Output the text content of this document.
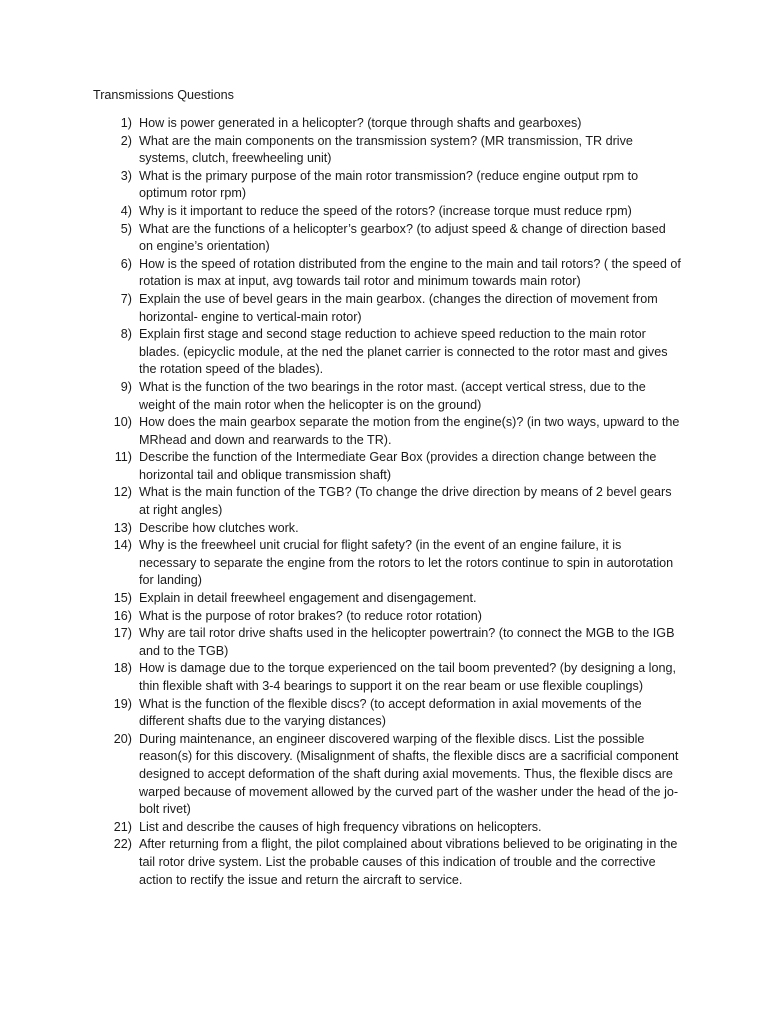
Transmissions Questions
1) How is power generated in a helicopter? (torque through shafts and gearboxes)
2) What are the main components on the transmission system? (MR transmission, TR drive systems, clutch, freewheeling unit)
3) What is the primary purpose of the main rotor transmission? (reduce engine output rpm to optimum rotor rpm)
4) Why is it important to reduce the speed of the rotors? (increase torque must reduce rpm)
5) What are the functions of a helicopter’s gearbox? (to adjust speed & change of direction based on engine’s orientation)
6) How is the speed of rotation distributed from the engine to the main and tail rotors? ( the speed of rotation is max at input, avg towards tail rotor and minimum towards main rotor)
7) Explain the use of bevel gears in the main gearbox. (changes the direction of movement from horizontal- engine to vertical-main rotor)
8) Explain first stage and second stage reduction to achieve speed reduction to the main rotor blades. (epicyclic module, at the ned the planet carrier is connected to the rotor mast and gives the rotation speed of the blades).
9) What is the function of the two bearings in the rotor mast. (accept vertical stress, due to the weight of the main rotor when the helicopter is on the ground)
10) How does the main gearbox separate the motion from the engine(s)? (in two ways, upward to the MRhead and down and rearwards to the TR).
11) Describe the function of the Intermediate Gear Box (provides a direction change between the horizontal tail and oblique transmission shaft)
12) What is the main function of the TGB? (To change the drive direction by means of 2 bevel gears at right angles)
13) Describe how clutches work.
14) Why is the freewheel unit crucial for flight safety? (in the event of an engine failure, it is necessary to separate the engine from the rotors to let the rotors continue to spin in autorotation for landing)
15) Explain in detail freewheel engagement and disengagement.
16) What is the purpose of rotor brakes? (to reduce rotor rotation)
17) Why are tail rotor drive shafts used in the helicopter powertrain? (to connect the MGB to the IGB and to the TGB)
18) How is damage due to the torque experienced on the tail boom prevented? (by designing a long, thin flexible shaft with 3-4 bearings to support it on the rear beam or use flexible couplings)
19) What is the function of the flexible discs? (to accept deformation in axial movements of the different shafts due to the varying distances)
20) During maintenance, an engineer discovered warping of the flexible discs. List the possible reason(s) for this discovery. (Misalignment of shafts, the flexible discs are a sacrificial component designed to accept deformation of the shaft during axial movements. Thus, the flexible discs are warped because of movement allowed by the curved part of the washer under the head of the jo-bolt rivet)
21) List and describe the causes of high frequency vibrations on helicopters.
22) After returning from a flight, the pilot complained about vibrations believed to be originating in the tail rotor drive system. List the probable causes of this indication of trouble and the corrective action to rectify the issue and return the aircraft to service.
